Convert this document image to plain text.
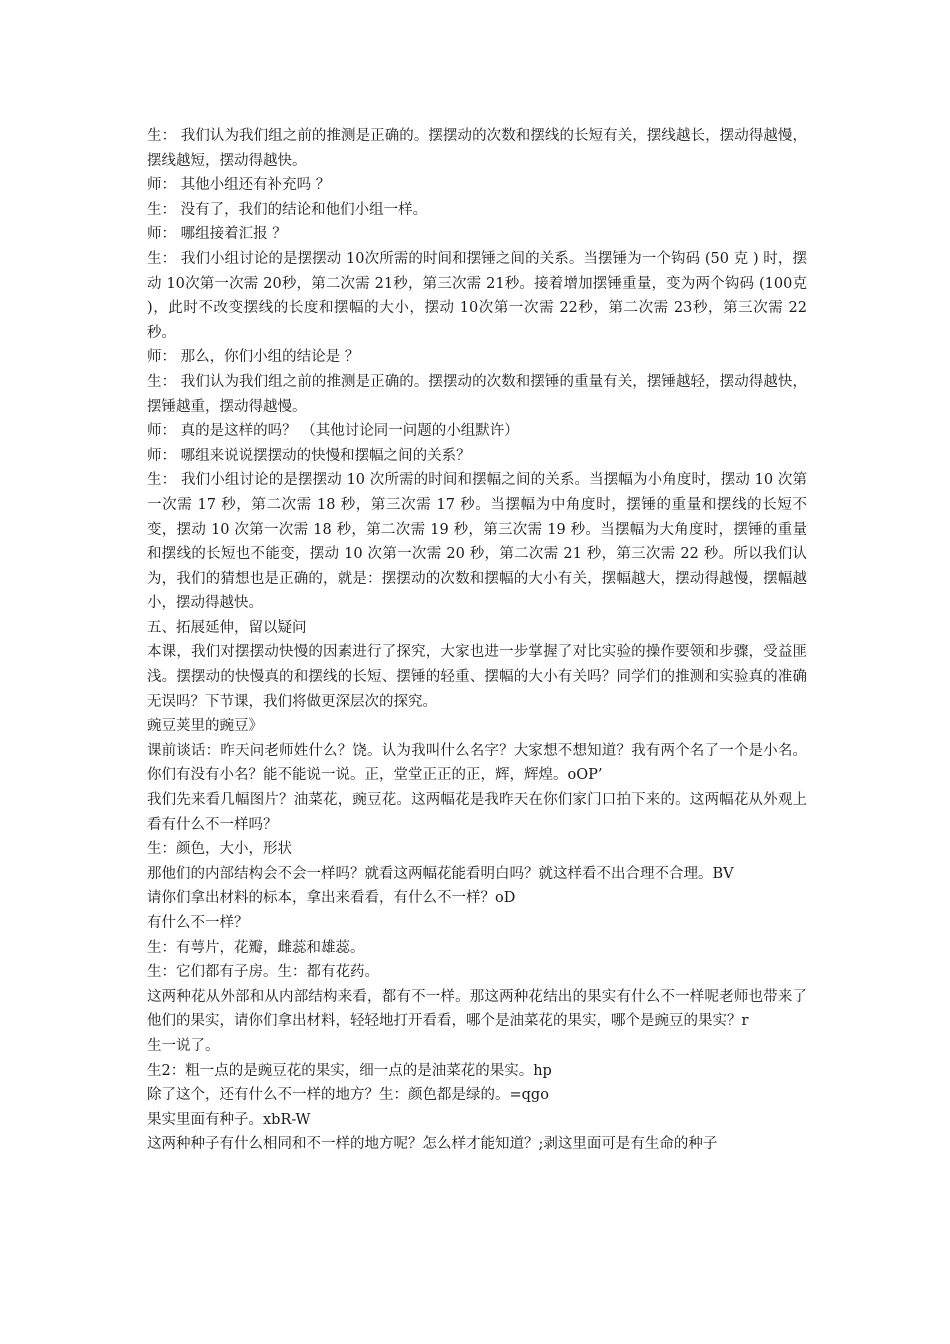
生： 我们认为我们组之前的推测是正确的。摆摆动的次数和摆线的长短有关，摆线越长，摆动得越慢，摆线越短，摆动得越快。

师： 其他小组还有补充吗 ？

生： 没有了，我们的结论和他们小组一样。

师： 哪组接着汇报 ？

生： 我们小组讨论的是摆摆动 10次所需的时间和摆锤之间的关系。当摆锤为一个钩码 (50 克 ) 时，摆动 10次第一次需 20秒，第二次需 21秒，第三次需 21秒。接着增加摆锤重量，变为两个钩码 (100克 )，此时不改变摆线的长度和摆幅的大小，摆动 10次第一次需 22秒，第二次需 23秒，第三次需 22秒。

师： 那么，你们小组的结论是 ？

生： 我们认为我们组之前的推测是正确的。摆摆动的次数和摆锤的重量有关，摆锤越轻，摆动得越快，摆锤越重，摆动得越慢。

师： 真的是这样的吗？ （其他讨论同一问题的小组默许）

师： 哪组来说说摆摆动的快慢和摆幅之间的关系？

生： 我们小组讨论的是摆摆动 10 次所需的时间和摆幅之间的关系。当摆幅为小角度时，摆动 10 次第一次需 17 秒，第二次需 18 秒，第三次需 17 秒。当摆幅为中角度时，摆锤的重量和摆线的长短不变，摆动 10 次第一次需 18 秒，第二次需 19 秒，第三次需 19 秒。当摆幅为大角度时，摆锤的重量和摆线的长短也不能变，摆动 10 次第一次需 20 秒，第二次需 21 秒，第三次需 22 秒。所以我们认为，我们的猜想也是正确的，就是：摆摆动的次数和摆幅的大小有关，摆幅越大，摆动得越慢，摆幅越小，摆动得越快。

五、拓展延伸，留以疑问

本课，我们对摆摆动快慢的因素进行了探究，大家也进一步掌握了对比实验的操作要领和步骤，受益匪浅。摆摆动的快慢真的和摆线的长短、摆锤的轻重、摆幅的大小有关吗？同学们的推测和实验真的准确无误吗？下节课，我们将做更深层次的探究。

豌豆荚里的豌豆》

课前谈话：昨天问老师姓什么？饶。认为我叫什么名字？大家想不想知道？我有两个名了一个是小名。你们有没有小名？能不能说一说。正，堂堂正正的正，辉，辉煌。oOP’

我们先来看几幅图片？油菜花，豌豆花。这两幅花是我昨天在你们家门口拍下来的。这两幅花从外观上看有什么不一样吗？

生：颜色，大小，形状

那他们的内部结构会不会一样吗？就看这两幅花能看明白吗？就这样看不出合理不合理。BV

请你们拿出材料的标本，拿出来看看，有什么不一样？oD

有什么不一样？

生：有萼片，花瓣，雌蕊和雄蕊。

生：它们都有子房。生：都有花药。

这两种花从外部和从内部结构来看，都有不一样。那这两种花结出的果实有什么不一样呢老师也带来了他们的果实，请你们拿出材料，轻轻地打开看看，哪个是油菜花的果实，哪个是豌豆的果实？r

生一说了。

生2：粗一点的是豌豆花的果实，细一点的是油菜花的果实。hp

除了这个，还有什么不一样的地方？生：颜色都是绿的。=qgo

果实里面有种子。xbR-W

这两种种子有什么相同和不一样的地方呢？怎么样才能知道？;剥这里面可是有生命的种子
